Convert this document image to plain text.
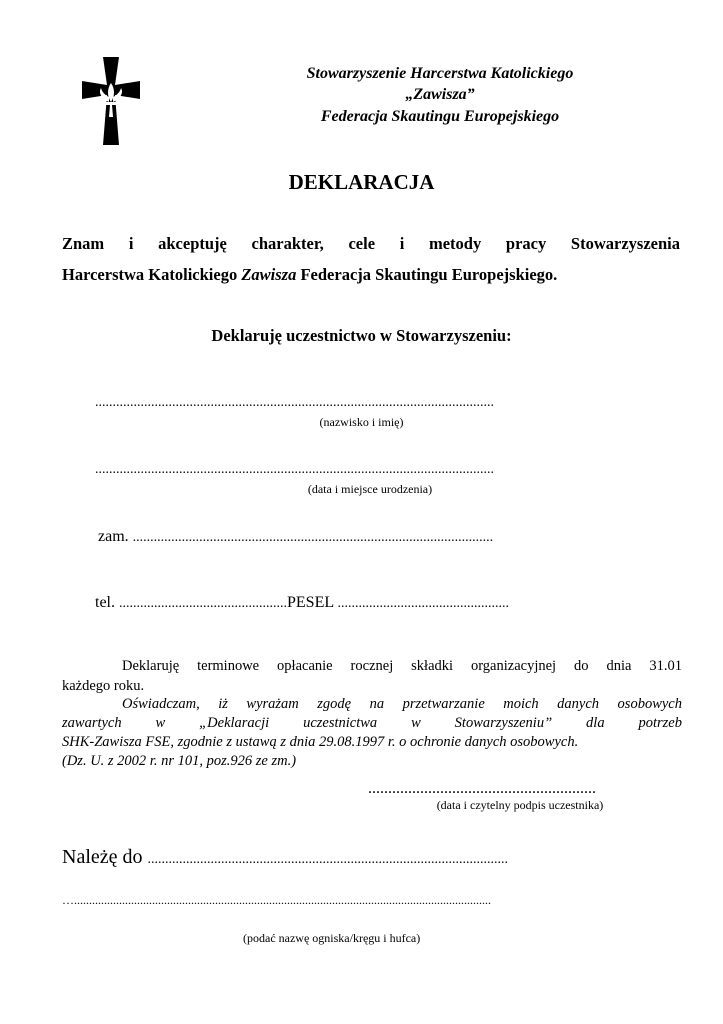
Stowarzyszenie Harcerstwa Katolickiego
„Zawisza”
Federacja Skautingu Europejskiego
DEKLARACJA
Znam i akceptuję charakter, cele i metody pracy Stowarzyszenia
Harcerstwa Katolickiego Zawisza Federacja Skautingu Europejskiego.
Deklaruję uczestnictwo w Stowarzyszeniu:
..................................................................................................................
(nazwisko i imię)
..................................................................................................................
(data i miejsce urodzenia)
zam. .......................................................................................................
tel. ................................................PESEL .................................................
Deklaruję terminowe opłacanie rocznej składki organizacyjnej do dnia 31.01
każdego roku.
Oświadczam, iż wyrażam zgodę na przetwarzanie moich danych osobowych
zawartych w „Deklaracji uczestnictwa w Stowarzyszeniu” dla potrzeb
SHK-Zawisza FSE, zgodnie z ustawą z dnia 29.08.1997 r. o ochronie danych osobowych.
(Dz. U. z 2002 r. nr 101, poz.926 ze zm.)
.........................................................
(data i czytelny podpis uczestnika)
Należę do .......................................................................................................
…...........................................................................................................................................
(podać nazwę ogniska/kręgu i hufca)
